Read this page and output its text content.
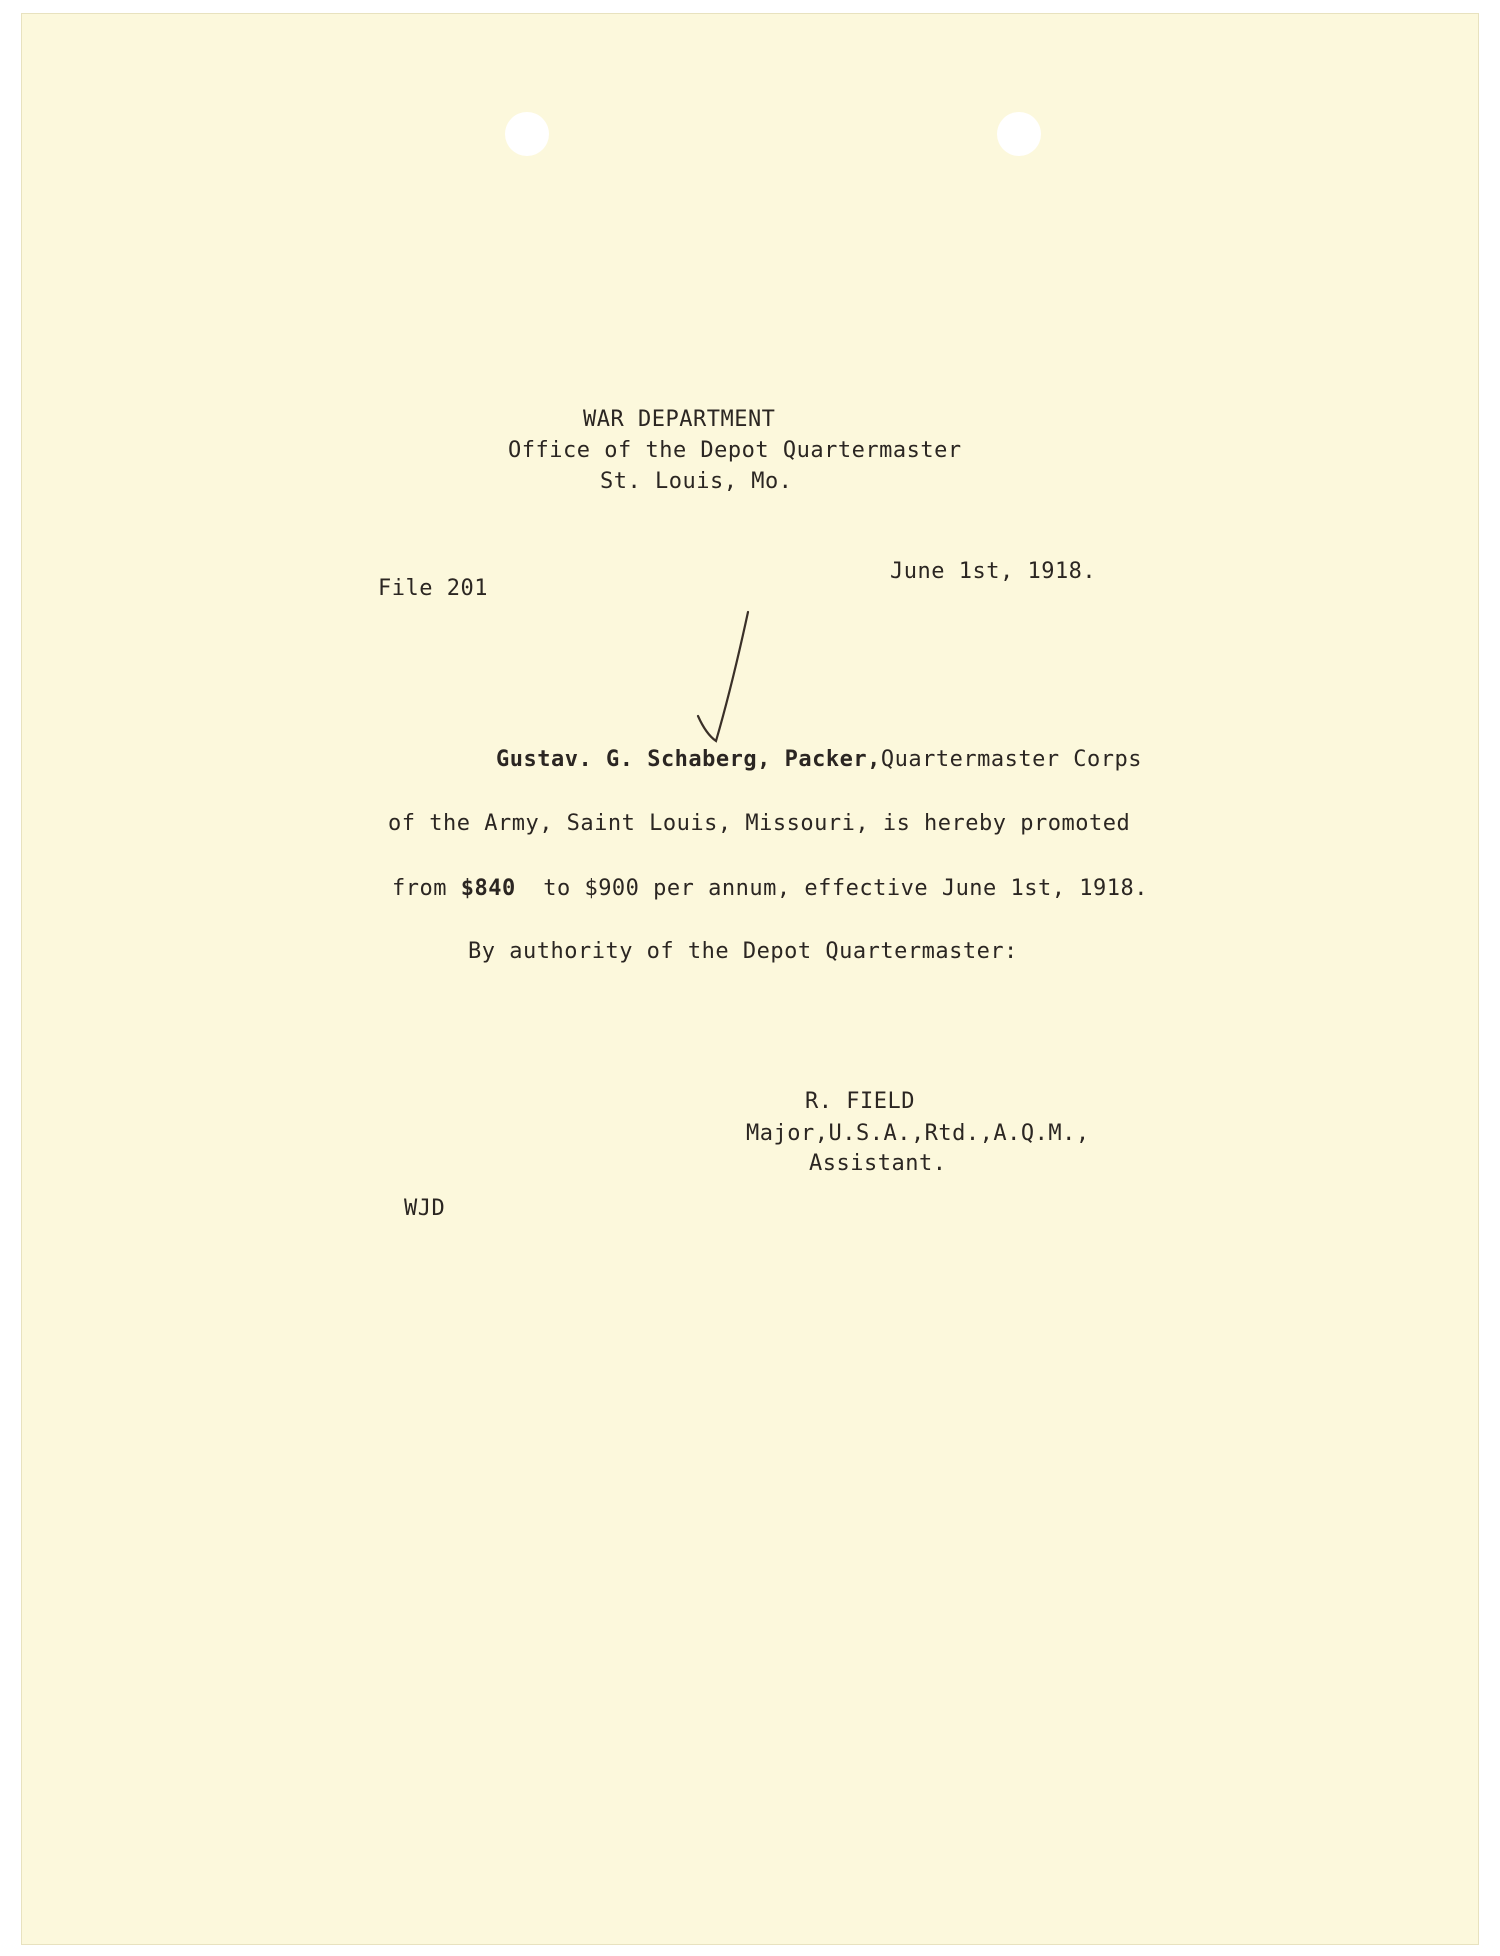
WAR DEPARTMENT
Office of the Depot Quartermaster
St. Louis, Mo.
File 201
June 1st, 1918.
Gustav. G. Schaberg, Packer,Quartermaster Corps
of the Army, Saint Louis, Missouri, is hereby promoted
from $840  to $900 per annum, effective June 1st, 1918.
By authority of the Depot Quartermaster:
R. FIELD
Major,U.S.A.,Rtd.,A.Q.M.,
Assistant.
WJD
